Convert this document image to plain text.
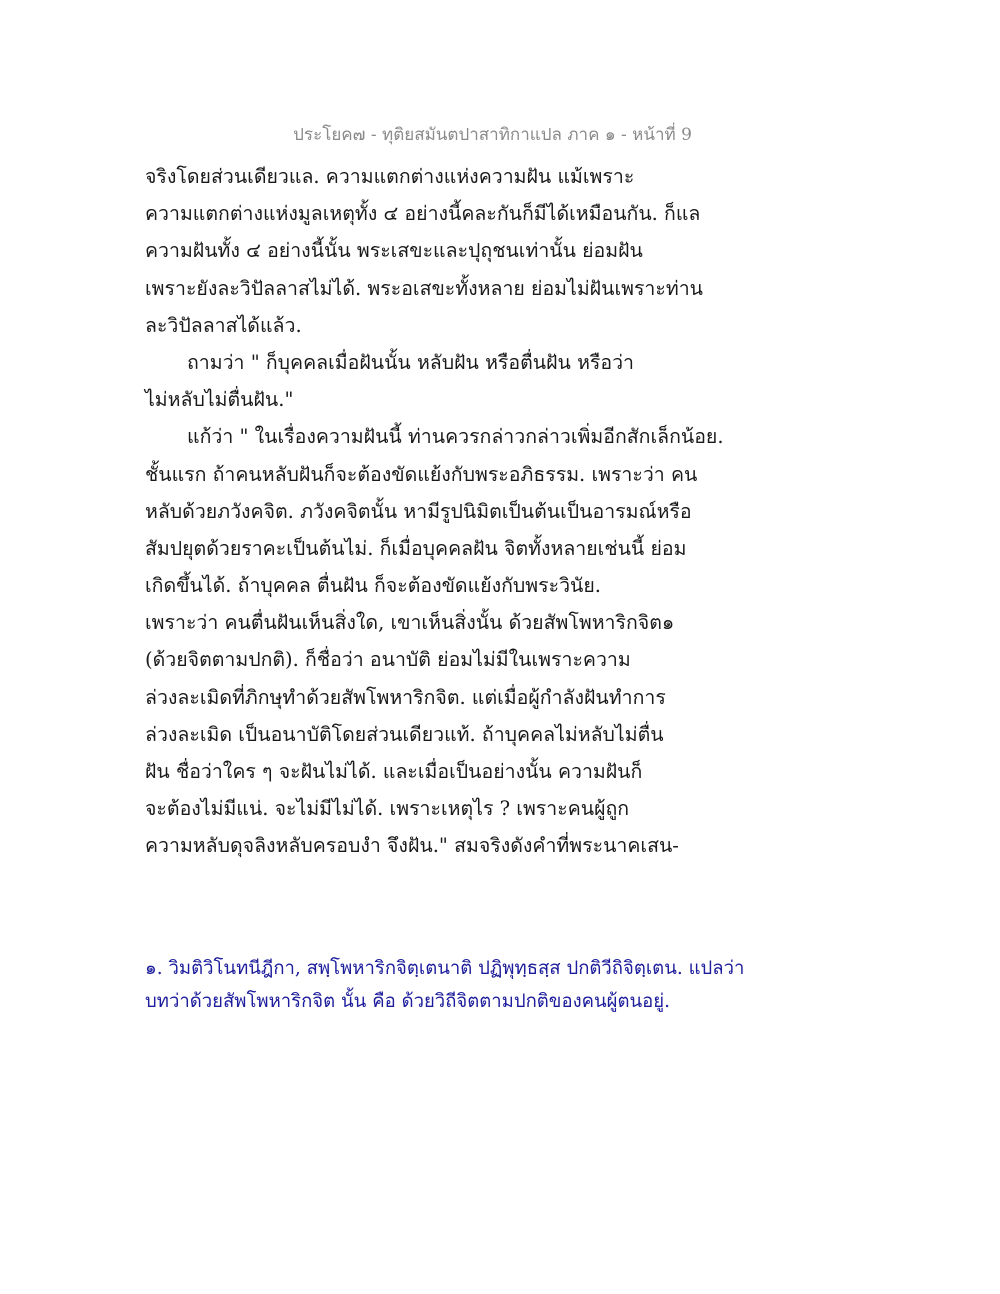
ประโยค๗ - ทุติยสมันตปาสาทิกาแปล ภาค ๑ - หน้าที่ 9
จริงโดยส่วนเดียวแล. ความแตกต่างแห่งความฝัน แม้เพราะ
ความแตกต่างแห่งมูลเหตุทั้ง ๔ อย่างนี้คละกันก็มีได้เหมือนกัน. ก็แล
ความฝันทั้ง ๔ อย่างนี้นั้น พระเสขะและปุถุชนเท่านั้น ย่อมฝัน
เพราะยังละวิปัลลาสไม่ได้. พระอเสขะทั้งหลาย ย่อมไม่ฝันเพราะท่าน
ละวิปัลลาสได้แล้ว.
ถามว่า " ก็บุคคลเมื่อฝันนั้น หลับฝัน หรือตื่นฝัน หรือว่า
ไม่หลับไม่ตื่นฝัน."
แก้ว่า " ในเรื่องความฝันนี้ ท่านควรกล่าวกล่าวเพิ่มอีกสักเล็กน้อย.
ชั้นแรก ถ้าคนหลับฝันก็จะต้องขัดแย้งกับพระอภิธรรม. เพราะว่า คน
หลับด้วยภวังคจิต. ภวังคจิตนั้น หามีรูปนิมิตเป็นต้นเป็นอารมณ์หรือ
สัมปยุตด้วยราคะเป็นต้นไม่. ก็เมื่อบุคคลฝัน จิตทั้งหลายเช่นนี้ ย่อม
เกิดขึ้นได้. ถ้าบุคคล ตื่นฝัน ก็จะต้องขัดแย้งกับพระวินัย.
เพราะว่า คนตื่นฝันเห็นสิ่งใด, เขาเห็นสิ่งนั้น ด้วยสัพโพหาริกจิต๑
(ด้วยจิตตามปกติ). ก็ชื่อว่า อนาบัติ ย่อมไม่มีในเพราะความ
ล่วงละเมิดที่ภิกษุทำด้วยสัพโพหาริกจิต. แต่เมื่อผู้กำลังฝันทำการ
ล่วงละเมิด เป็นอนาบัติโดยส่วนเดียวแท้. ถ้าบุคคลไม่หลับไม่ตื่น
ฝัน ชื่อว่าใคร ๆ จะฝันไม่ได้. และเมื่อเป็นอย่างนั้น ความฝันก็
จะต้องไม่มีแน่. จะไม่มีไม่ได้. เพราะเหตุไร ? เพราะคนผู้ถูก
ความหลับดุจลิงหลับครอบงำ จึงฝัน." สมจริงดังคำที่พระนาคเสน-
๑. วิมติวิโนทนีฎีกา, สพฺโพหาริกจิตฺเตนาติ ปฏิพุทฺธสฺส ปกติวีถิจิตฺเตน. แปลว่า
บทว่าด้วยสัพโพหาริกจิต นั้น คือ ด้วยวิถีจิตตามปกติของคนผู้ตนอยู่.
